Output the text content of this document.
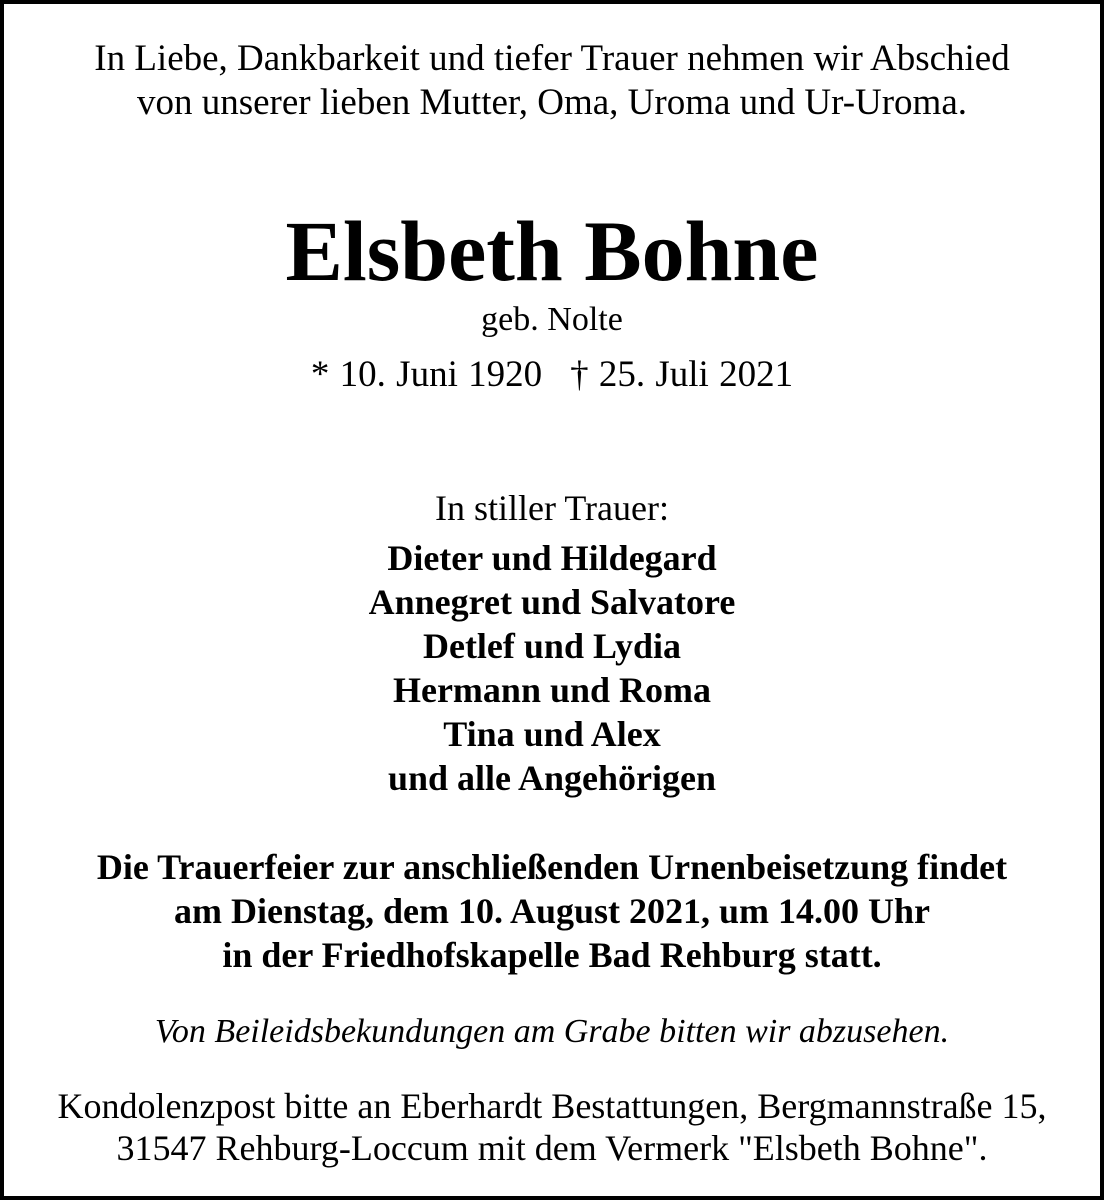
In Liebe, Dankbarkeit und tiefer Trauer nehmen wir Abschied
von unserer lieben Mutter, Oma, Uroma und Ur-Uroma.
Elsbeth Bohne
geb. Nolte
* 10. Juni 1920 † 25. Juli 2021
In stiller Trauer:
Dieter und Hildegard
Annegret und Salvatore
Detlef und Lydia
Hermann und Roma
Tina und Alex
und alle Angehörigen
Die Trauerfeier zur anschließenden Urnenbeisetzung findet
am Dienstag, dem 10. August 2021, um 14.00 Uhr
in der Friedhofskapelle Bad Rehburg statt.
Von Beileidsbekundungen am Grabe bitten wir abzusehen.
Kondolenzpost bitte an Eberhardt Bestattungen, Bergmannstraße 15,
31547 Rehburg-Loccum mit dem Vermerk "Elsbeth Bohne".
